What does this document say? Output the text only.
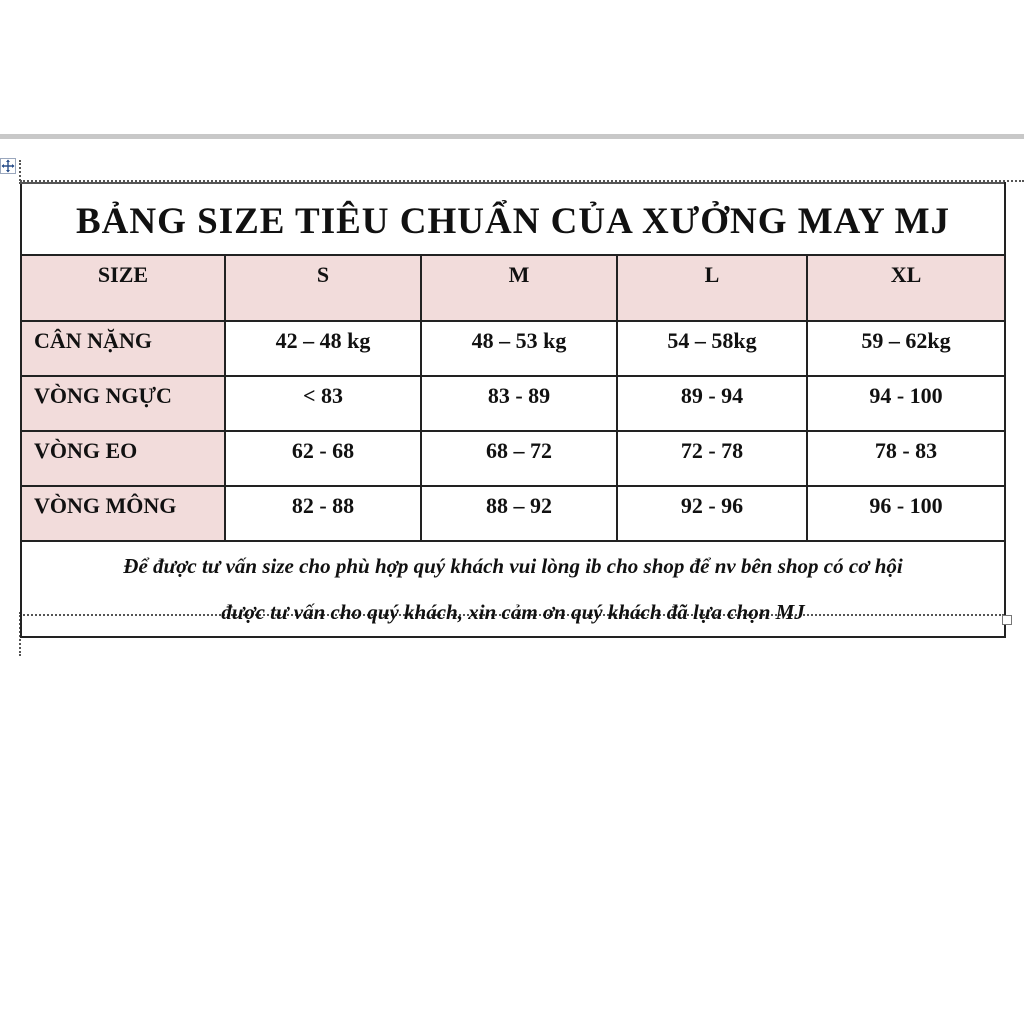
BẢNG SIZE TIÊU CHUẨN CỦA XƯỞNG MAY MJ				
SIZE	S	M	L	XL
CÂN NẶNG	42 – 48 kg	48 – 53 kg	54 – 58kg	59 – 62kg
VÒNG NGỰC	< 83	83 - 89	89 - 94	94 - 100
VÒNG EO	62 - 68	68 – 72	72 - 78	78 - 83
VÒNG MÔNG	82 - 88	88 – 92	92 - 96	96 - 100

Để được tư vấn size cho phù hợp quý khách vui lòng ib cho shop để nv bên shop có cơ hội
được tư vấn cho quý khách, xin cảm ơn quý khách đã lựa chọn MJ				
